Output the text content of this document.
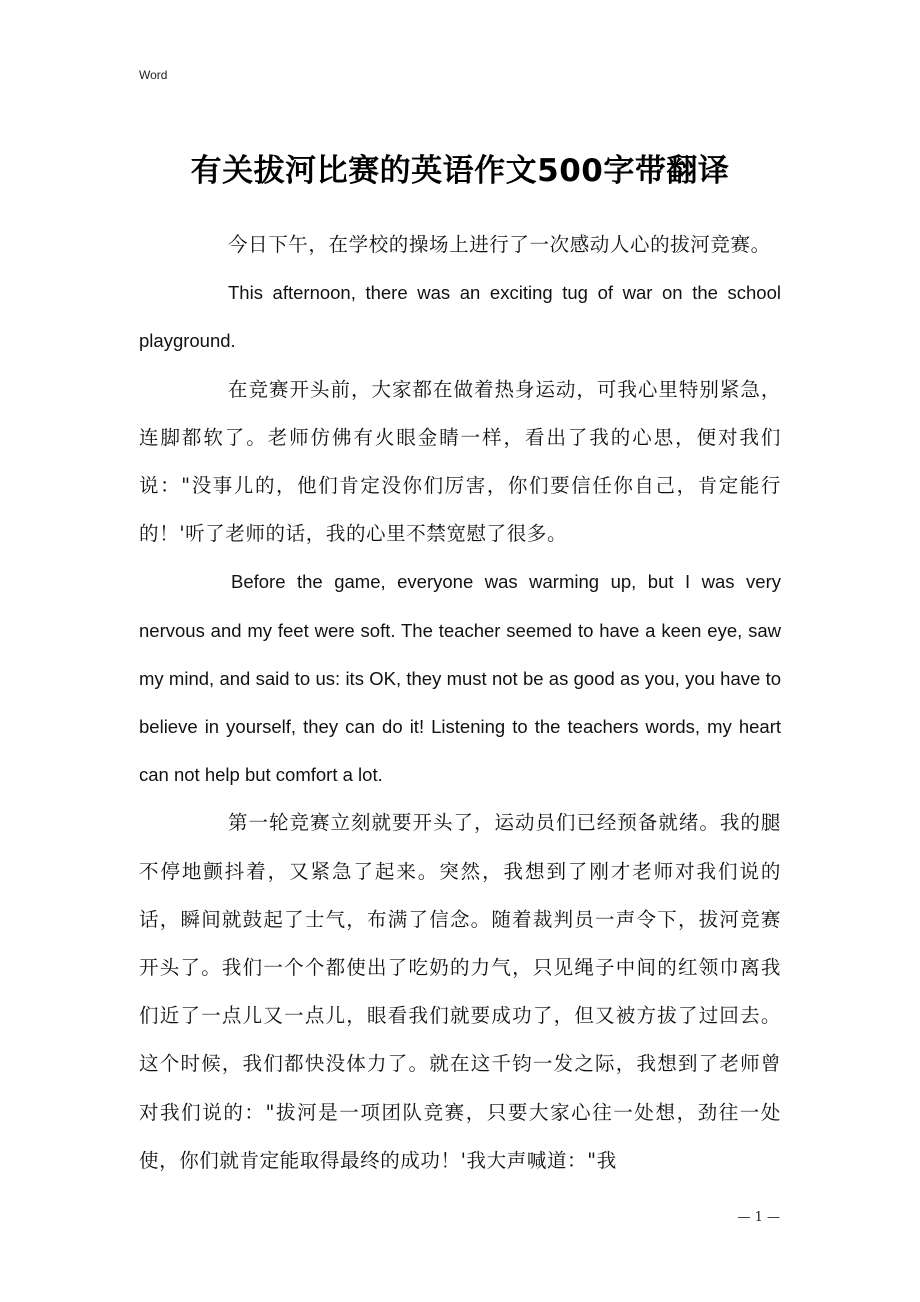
Word
有关拔河比赛的英语作文500字带翻译

今日下午，在学校的操场上进行了一次感动人心的拔河竞赛。

This afternoon, there was an exciting tug of war on the school playground.

在竞赛开头前，大家都在做着热身运动，可我心里特别紧急，连脚都软了。老师仿佛有火眼金睛一样，看出了我的心思，便对我们说："没事儿的，他们肯定没你们厉害，你们要信任你自己，肯定能行的！'听了老师的话，我的心里不禁宽慰了很多。

Before the game, everyone was warming up, but I was very nervous and my feet were soft. The teacher seemed to have a keen eye, saw my mind, and said to us: its OK, they must not be as good as you, you have to believe in yourself, they can do it! Listening to the teachers words, my heart can not help but comfort a lot.

第一轮竞赛立刻就要开头了，运动员们已经预备就绪。我的腿不停地颤抖着，又紧急了起来。突然，我想到了刚才老师对我们说的话，瞬间就鼓起了士气，布满了信念。随着裁判员一声令下，拔河竞赛开头了。我们一个个都使出了吃奶的力气，只见绳子中间的红领巾离我们近了一点儿又一点儿，眼看我们就要成功了，但又被方拔了过回去。这个时候，我们都快没体力了。就在这千钧一发之际，我想到了老师曾对我们说的："拔河是一项团队竞赛，只要大家心往一处想，劲往一处使，你们就肯定能取得最终的成功！'我大声喊道："我

— 1 —
